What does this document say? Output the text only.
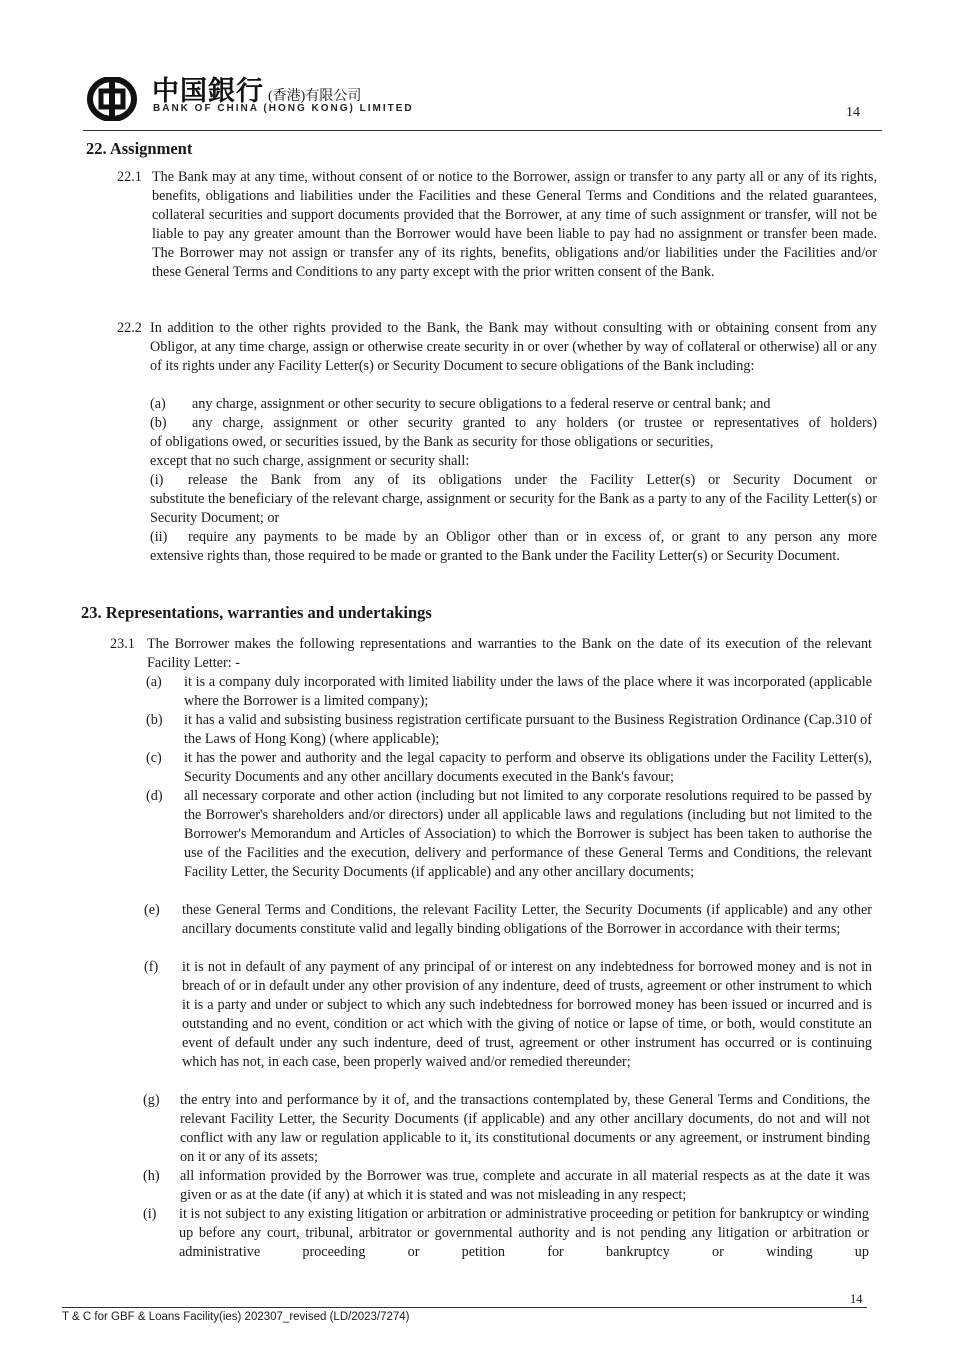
中国銀行 (香港)有限公司
BANK OF CHINA (HONG KONG) LIMITED	14
22. Assignment
22.1 The Bank may at any time, without consent of or notice to the Borrower, assign or transfer to any party all or any of its rights, benefits, obligations and liabilities under the Facilities and these General Terms and Conditions and the related guarantees, collateral securities and support documents provided that the Borrower, at any time of such assignment or transfer, will not be liable to pay any greater amount than the Borrower would have been liable to pay had no assignment or transfer been made. The Borrower may not assign or transfer any of its rights, benefits, obligations and/or liabilities under the Facilities and/or these General Terms and Conditions to any party except with the prior written consent of the Bank.
22.2 In addition to the other rights provided to the Bank, the Bank may without consulting with or obtaining consent from any Obligor, at any time charge, assign or otherwise create security in or over (whether by way of collateral or otherwise) all or any of its rights under any Facility Letter(s) or Security Document to secure obligations of the Bank including:
(a) any charge, assignment or other security to secure obligations to a federal reserve or central bank; and
(b) any charge, assignment or other security granted to any holders (or trustee or representatives of holders)
of obligations owed, or securities issued, by the Bank as security for those obligations or securities,
except that no such charge, assignment or security shall:
(i) release the Bank from any of its obligations under the Facility Letter(s) or Security Document or
substitute the beneficiary of the relevant charge, assignment or security for the Bank as a party to any of the Facility Letter(s) or Security Document; or
(ii) require any payments to be made by an Obligor other than or in excess of, or grant to any person any more
extensive rights than, those required to be made or granted to the Bank under the Facility Letter(s) or Security Document.
23. Representations, warranties and undertakings
23.1 The Borrower makes the following representations and warranties to the Bank on the date of its execution of the relevant Facility Letter: -
(a) it is a company duly incorporated with limited liability under the laws of the place where it was incorporated (applicable where the Borrower is a limited company);
(b) it has a valid and subsisting business registration certificate pursuant to the Business Registration Ordinance (Cap.310 of the Laws of Hong Kong) (where applicable);
(c) it has the power and authority and the legal capacity to perform and observe its obligations under the Facility Letter(s), Security Documents and any other ancillary documents executed in the Bank's favour;
(d) all necessary corporate and other action (including but not limited to any corporate resolutions required to be passed by the Borrower's shareholders and/or directors) under all applicable laws and regulations (including but not limited to the Borrower's Memorandum and Articles of Association) to which the Borrower is subject has been taken to authorise the use of the Facilities and the execution, delivery and performance of these General Terms and Conditions, the relevant Facility Letter, the Security Documents (if applicable) and any other ancillary documents;
(e) these General Terms and Conditions, the relevant Facility Letter, the Security Documents (if applicable) and any other ancillary documents constitute valid and legally binding obligations of the Borrower in accordance with their terms;
(f) it is not in default of any payment of any principal of or interest on any indebtedness for borrowed money and is not in breach of or in default under any other provision of any indenture, deed of trusts, agreement or other instrument to which it is a party and under or subject to which any such indebtedness for borrowed money has been issued or incurred and is outstanding and no event, condition or act which with the giving of notice or lapse of time, or both, would constitute an event of default under any such indenture, deed of trust, agreement or other instrument has occurred or is continuing which has not, in each case, been properly waived and/or remedied thereunder;
(g) the entry into and performance by it of, and the transactions contemplated by, these General Terms and Conditions, the relevant Facility Letter, the Security Documents (if applicable) and any other ancillary documents, do not and will not conflict with any law or regulation applicable to it, its constitutional documents or any agreement, or instrument binding on it or any of its assets;
(h) all information provided by the Borrower was true, complete and accurate in all material respects as at the date it was given or as at the date (if any) at which it is stated and was not misleading in any respect;
(i) it is not subject to any existing litigation or arbitration or administrative proceeding or petition for bankruptcy or winding up before any court, tribunal, arbitrator or governmental authority and is not pending any litigation or arbitration or administrative proceeding or petition for bankruptcy or winding up
14
T & C for GBF & Loans Facility(ies) 202307_revised (LD/2023/7274)
